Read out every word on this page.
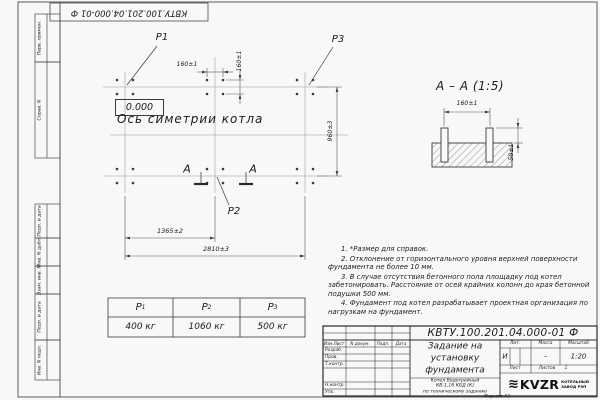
КВТУ.100.201.04.000-01 Ф
Перв. примен.
Справ. N
Подп. и дата
Инв. N дубл.
Взам. инв. N
Подп. и дата
Инв. N подл.
P1	P3
P2
0.000
Ось симетрии котла
160±1	160±1
960±3
1365±2
2810±3
А	А
А – А (1:5)
160±1
50±1

1. *Размер для справок.

2. Отклонение от горизонтального уровня верхней поверхности фундамента не более 10 мм.

3. В случае отсутствия бетонного пола площадку под котел забетонировать. Расстояние от осей крайних колонн до края бетонной подушки 500 мм.

4. Фундамент под котел разрабатывает проектная организация по нагрузкам на фундамент.

P 1	P 2	P 3
400 кг	1060 кг	500 кг	КВТУ.100.201.04.000-01 Ф
Изм.Лист N докум. Подп. Дата
Разраб.
Пров.
Т.контр.
Н.контр.
Утв.
Задание на
установку
фундамента
Котел Водогрейный
КВ-1,16 КБД (К)
по техническому заданию
Лит.	Масса	Масштаб
И	-	1:20
Лист	Листов 1
≋ KVZR КОТЕЛЬНЫЙ
ЗАВОД РЭП
Формат А3
